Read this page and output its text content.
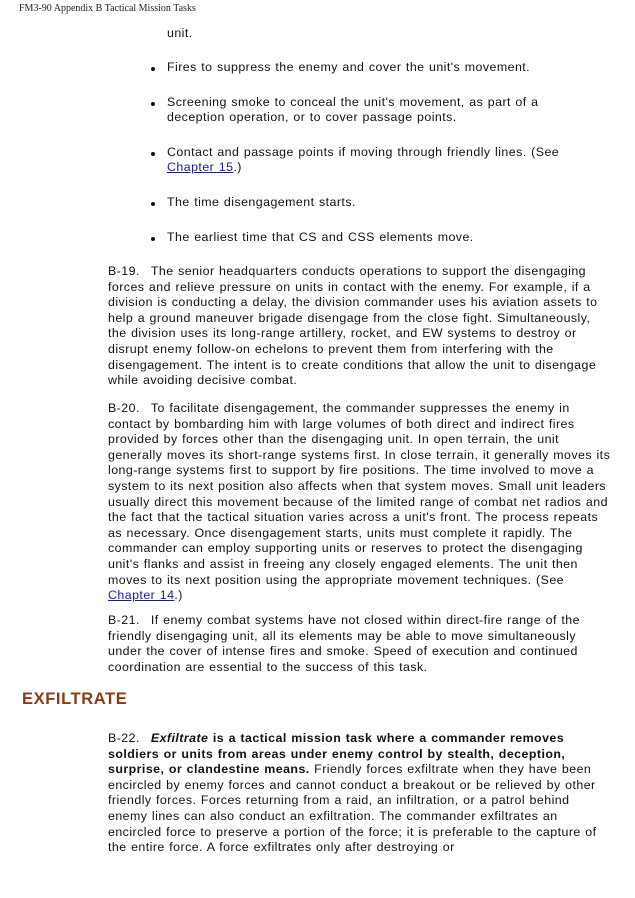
FM3-90 Appendix B Tactical Mission Tasks
unit.
Fires to suppress the enemy and cover the unit's movement.
Screening smoke to conceal the unit's movement, as part of a deception operation, or to cover passage points.
Contact and passage points if moving through friendly lines. (See Chapter 15.)
The time disengagement starts.
The earliest time that CS and CSS elements move.

B-19. The senior headquarters conducts operations to support the disengaging forces and relieve pressure on units in contact with the enemy. For example, if a division is conducting a delay, the division commander uses his aviation assets to help a ground maneuver brigade disengage from the close fight. Simultaneously, the division uses its long-range artillery, rocket, and EW systems to destroy or disrupt enemy follow-on echelons to prevent them from interfering with the disengagement. The intent is to create conditions that allow the unit to disengage while avoiding decisive combat.

B-20. To facilitate disengagement, the commander suppresses the enemy in contact by bombarding him with large volumes of both direct and indirect fires provided by forces other than the disengaging unit. In open terrain, the unit generally moves its short-range systems first. In close terrain, it generally moves its long-range systems first to support by fire positions. The time involved to move a system to its next position also affects when that system moves. Small unit leaders usually direct this movement because of the limited range of combat net radios and the fact that the tactical situation varies across a unit's front. The process repeats as necessary. Once disengagement starts, units must complete it rapidly. The commander can employ supporting units or reserves to protect the disengaging unit's flanks and assist in freeing any closely engaged elements. The unit then moves to its next position using the appropriate movement techniques. (See Chapter 14.)

B-21. If enemy combat systems have not closed within direct-fire range of the friendly disengaging unit, all its elements may be able to move simultaneously under the cover of intense fires and smoke. Speed of execution and continued coordination are essential to the success of this task.

EXFILTRATE

B-22. Exfiltrate is a tactical mission task where a commander removes soldiers or units from areas under enemy control by stealth, deception, surprise, or clandestine means. Friendly forces exfiltrate when they have been encircled by enemy forces and cannot conduct a breakout or be relieved by other friendly forces. Forces returning from a raid, an infiltration, or a patrol behind enemy lines can also conduct an exfiltration. The commander exfiltrates an encircled force to preserve a portion of the force; it is preferable to the capture of the entire force. A force exfiltrates only after destroying or
